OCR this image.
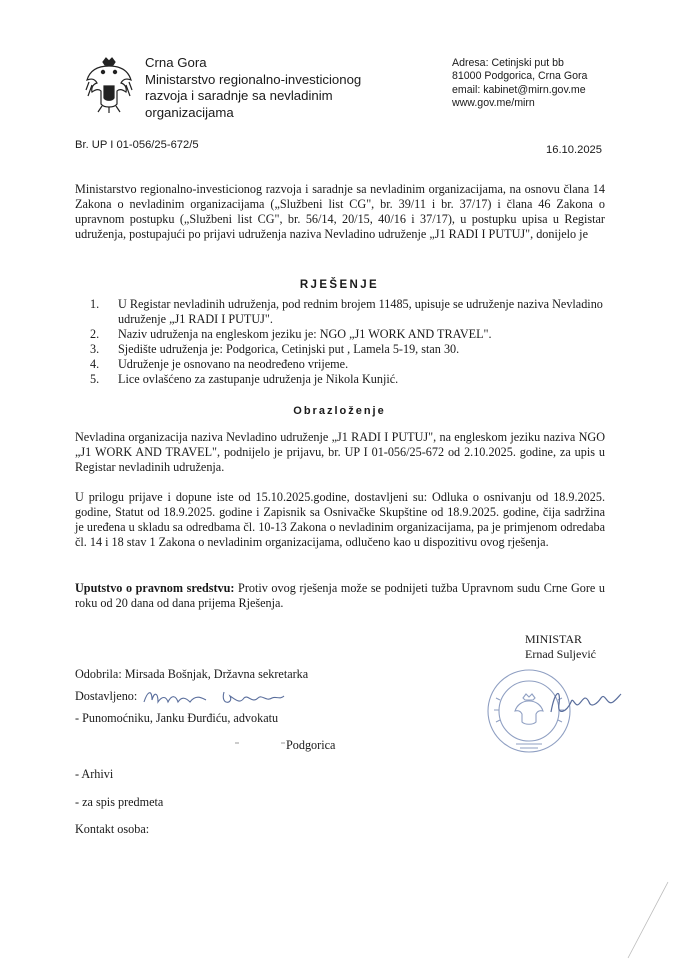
Crna Gora
Ministarstvo regionalno-investicionog
razvoja i saradnje sa nevladinim
organizacijama
Adresa: Cetinjski put bb
81000 Podgorica, Crna Gora
email: kabinet@mirn.gov.me
www.gov.me/mirn
Br. UP I 01-056/25-672/5	16.10.2025
Ministarstvo regionalno-investicionog razvoja i saradnje sa nevladinim organizacijama, na osnovu člana 14 Zakona o nevladinim organizacijama („Službeni list CG", br. 39/11 i br. 37/17) i člana 46 Zakona o upravnom postupku („Službeni list CG", br. 56/14, 20/15, 40/16 i 37/17), u postupku upisa u Registar udruženja, postupajući po prijavi udruženja naziva Nevladino udruženje „J1 RADI I PUTUJ", donijelo je
RJEŠENJE
1. U Registar nevladinih udruženja, pod rednim brojem 11485, upisuje se udruženje naziva Nevladino udruženje „J1 RADI I PUTUJ".
2. Naziv udruženja na engleskom jeziku je: NGO „J1 WORK AND TRAVEL".
3. Sjedište udruženja je: Podgorica, Cetinjski put , Lamela 5-19, stan 30.
4. Udruženje je osnovano na neodređeno vrijeme.
5. Lice ovlašćeno za zastupanje udruženja je Nikola Kunjić.
Obrazloženje
Nevladina organizacija naziva Nevladino udruženje „J1 RADI I PUTUJ", na engleskom jeziku naziva NGO „J1 WORK AND TRAVEL", podnijelo je prijavu, br. UP I 01-056/25-672 od 2.10.2025. godine, za upis u Registar nevladinih udruženja.
U prilogu prijave i dopune iste od 15.10.2025.godine, dostavljeni su: Odluka o osnivanju od 18.9.2025. godine, Statut od 18.9.2025. godine i Zapisnik sa Osnivačke Skupštine od 18.9.2025. godine, čija sadržina je uređena u skladu sa odredbama čl. 10-13 Zakona o nevladinim organizacijama, pa je primjenom odredaba čl. 14 i 18 stav 1 Zakona o nevladinim organizacijama, odlučeno kao u dispozitivu ovog rješenja.
Uputstvo o pravnom sredstvu: Protiv ovog rješenja može se podnijeti tužba Upravnom sudu Crne Gore u roku od 20 dana od dana prijema Rješenja.
MINISTAR
Ernad Suljević
Odobrila: Mirsada Bošnjak, Državna sekretarka
Dostavljeno:
- Punomoćniku, Janku Đurđiću, advokatu
Podgorica
- Arhivi
- za spis predmeta
Kontakt osoba:
